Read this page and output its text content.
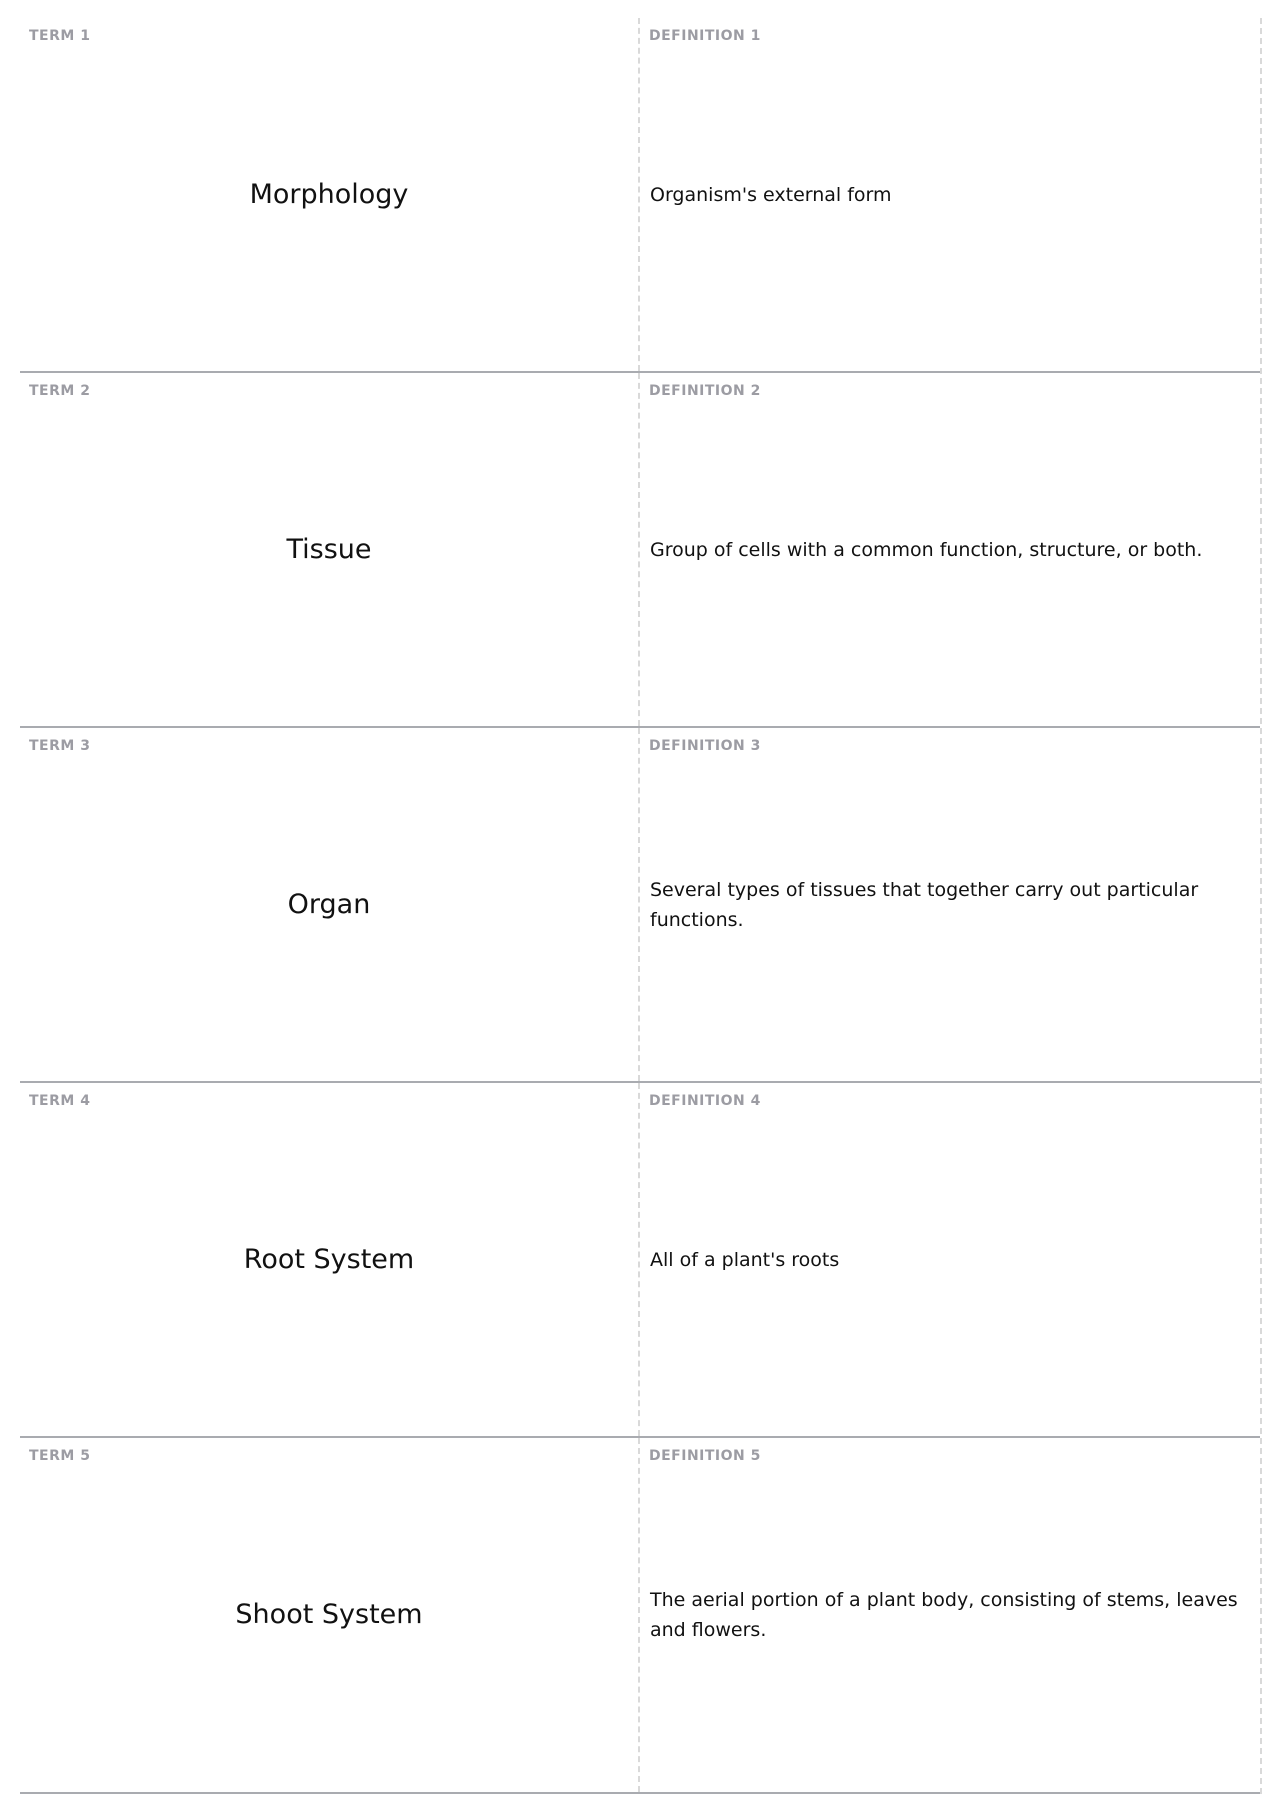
TERM 1
Morphology
DEFINITION 1
Organism's external form
TERM 2
Tissue
DEFINITION 2
Group of cells with a common function, structure, or both.
TERM 3
Organ
DEFINITION 3
Several types of tissues that together carry out particular functions.
TERM 4
Root System
DEFINITION 4
All of a plant's roots
TERM 5
Shoot System
DEFINITION 5
The aerial portion of a plant body, consisting of stems, leaves and flowers.
